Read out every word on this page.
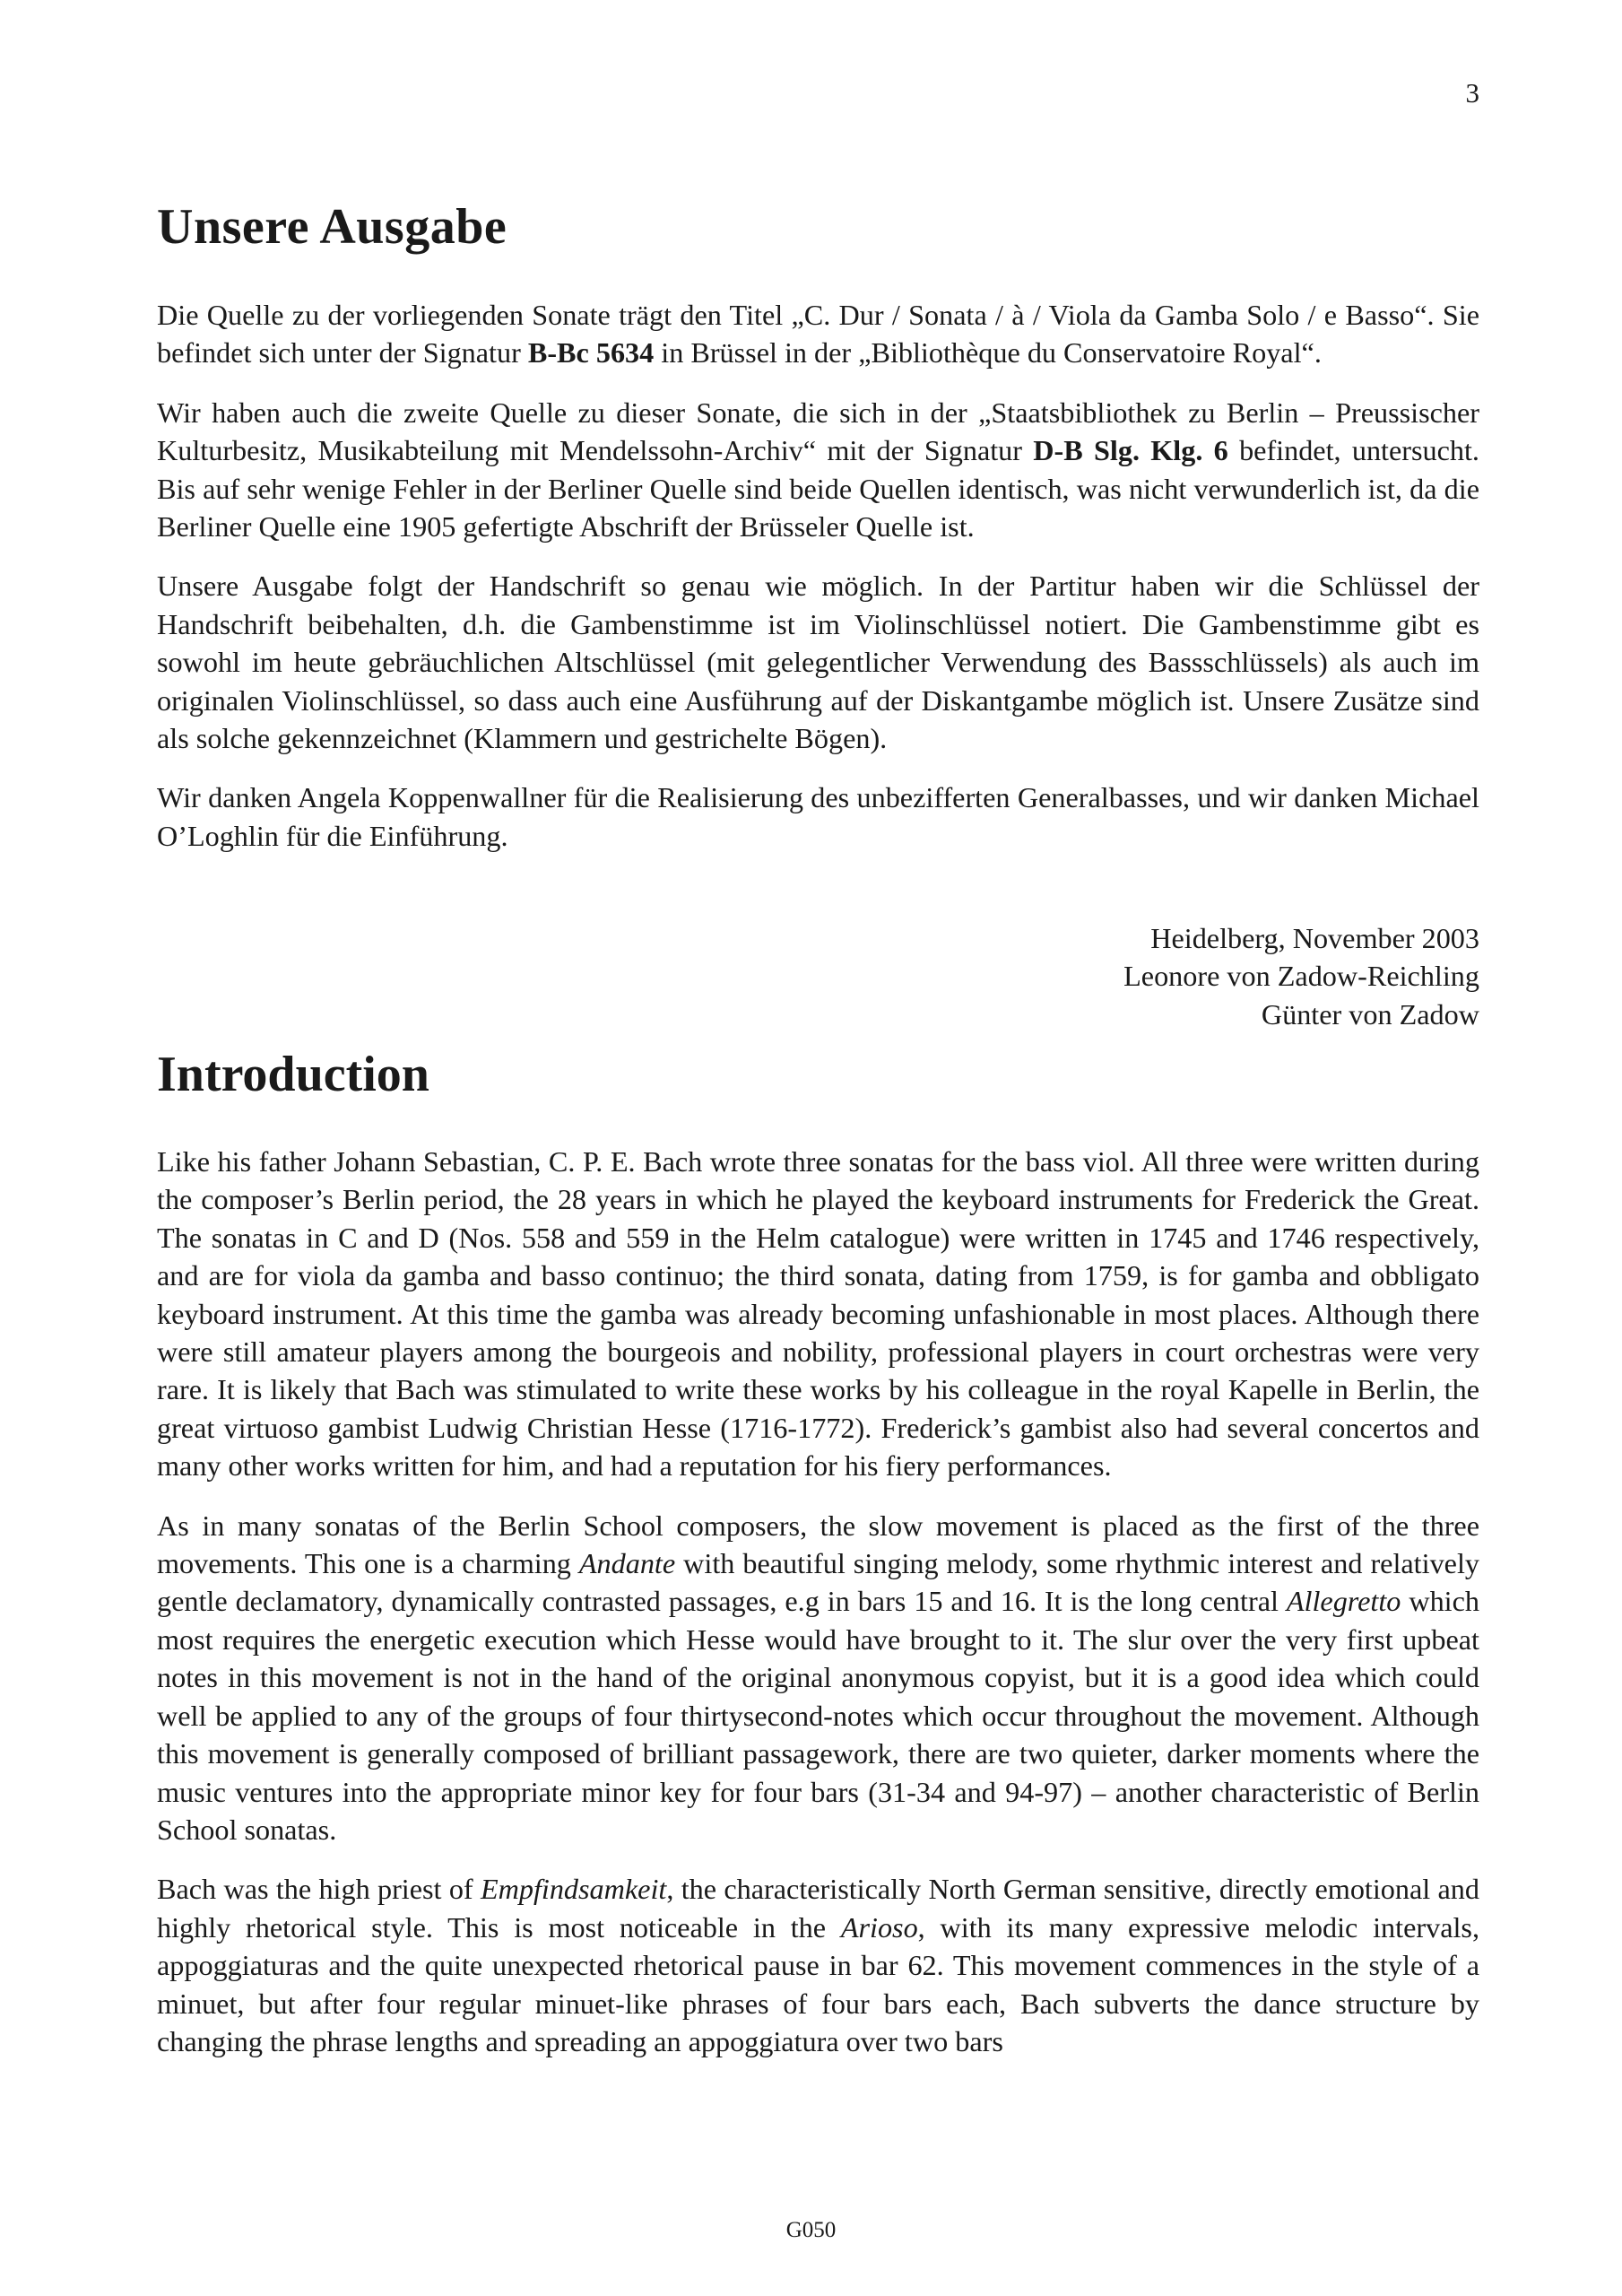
3
Unsere Ausgabe

Die Quelle zu der vorliegenden Sonate trägt den Titel „C. Dur / Sonata / à / Viola da Gamba Solo / e Basso“. Sie befindet sich unter der Signatur B-Bc 5634 in Brüssel in der „Bibliothèque du Conservatoire Royal“.

Wir haben auch die zweite Quelle zu dieser Sonate, die sich in der „Staatsbibliothek zu Berlin – Preussischer Kulturbesitz, Musikabteilung mit Mendelssohn-Archiv“ mit der Signatur D-B Slg. Klg. 6 befindet, untersucht. Bis auf sehr wenige Fehler in der Berliner Quelle sind beide Quellen identisch, was nicht verwunderlich ist, da die Berliner Quelle eine 1905 gefertigte Abschrift der Brüsseler Quelle ist.

Unsere Ausgabe folgt der Handschrift so genau wie möglich. In der Partitur haben wir die Schlüssel der Handschrift beibehalten, d.h. die Gambenstimme ist im Violinschlüssel notiert. Die Gambenstimme gibt es sowohl im heute gebräuchlichen Altschlüssel (mit gelegentlicher Verwendung des Bassschlüssels) als auch im originalen Violinschlüssel, so dass auch eine Ausführung auf der Diskantgambe möglich ist. Unsere Zusätze sind als solche gekennzeichnet (Klammern und gestrichelte Bögen).

Wir danken Angela Koppenwallner für die Realisierung des unbezifferten Generalbasses, und wir danken Michael O’Loghlin für die Einführung.

Heidelberg, November 2003
Leonore von Zadow-Reichling
Günter von Zadow
Introduction

Like his father Johann Sebastian, C. P. E. Bach wrote three sonatas for the bass viol. All three were written during the composer’s Berlin period, the 28 years in which he played the keyboard instruments for Frederick the Great. The sonatas in C and D (Nos. 558 and 559 in the Helm catalogue) were written in 1745 and 1746 respectively, and are for viola da gamba and basso continuo; the third sonata, dating from 1759, is for gamba and obbligato keyboard instrument. At this time the gamba was already becoming unfashionable in most places. Although there were still amateur players among the bourgeois and nobility, professional players in court orchestras were very rare. It is likely that Bach was stimulated to write these works by his colleague in the royal Kapelle in Berlin, the great virtuoso gambist Ludwig Christian Hesse (1716-1772). Frederick’s gambist also had several concertos and many other works written for him, and had a reputation for his fiery performances.

As in many sonatas of the Berlin School composers, the slow movement is placed as the first of the three movements. This one is a charming Andante with beautiful singing melody, some rhythmic interest and relatively gentle declamatory, dynamically contrasted passages, e.g in bars 15 and 16. It is the long central Allegretto which most requires the energetic execution which Hesse would have brought to it. The slur over the very first upbeat notes in this movement is not in the hand of the original anonymous copyist, but it is a good idea which could well be applied to any of the groups of four thirtysecond-notes which occur throughout the movement. Although this movement is generally composed of brilliant passagework, there are two quieter, darker moments where the music ventures into the appropriate minor key for four bars (31-34 and 94-97) – another characteristic of Berlin School sonatas.

Bach was the high priest of Empfindsamkeit, the characteristically North German sensitive, directly emotional and highly rhetorical style. This is most noticeable in the Arioso, with its many expressive melodic intervals, appoggiaturas and the quite unexpected rhetorical pause in bar 62. This movement commences in the style of a minuet, but after four regular minuet-like phrases of four bars each, Bach subverts the dance structure by changing the phrase lengths and spreading an appoggiatura over two bars

G050
